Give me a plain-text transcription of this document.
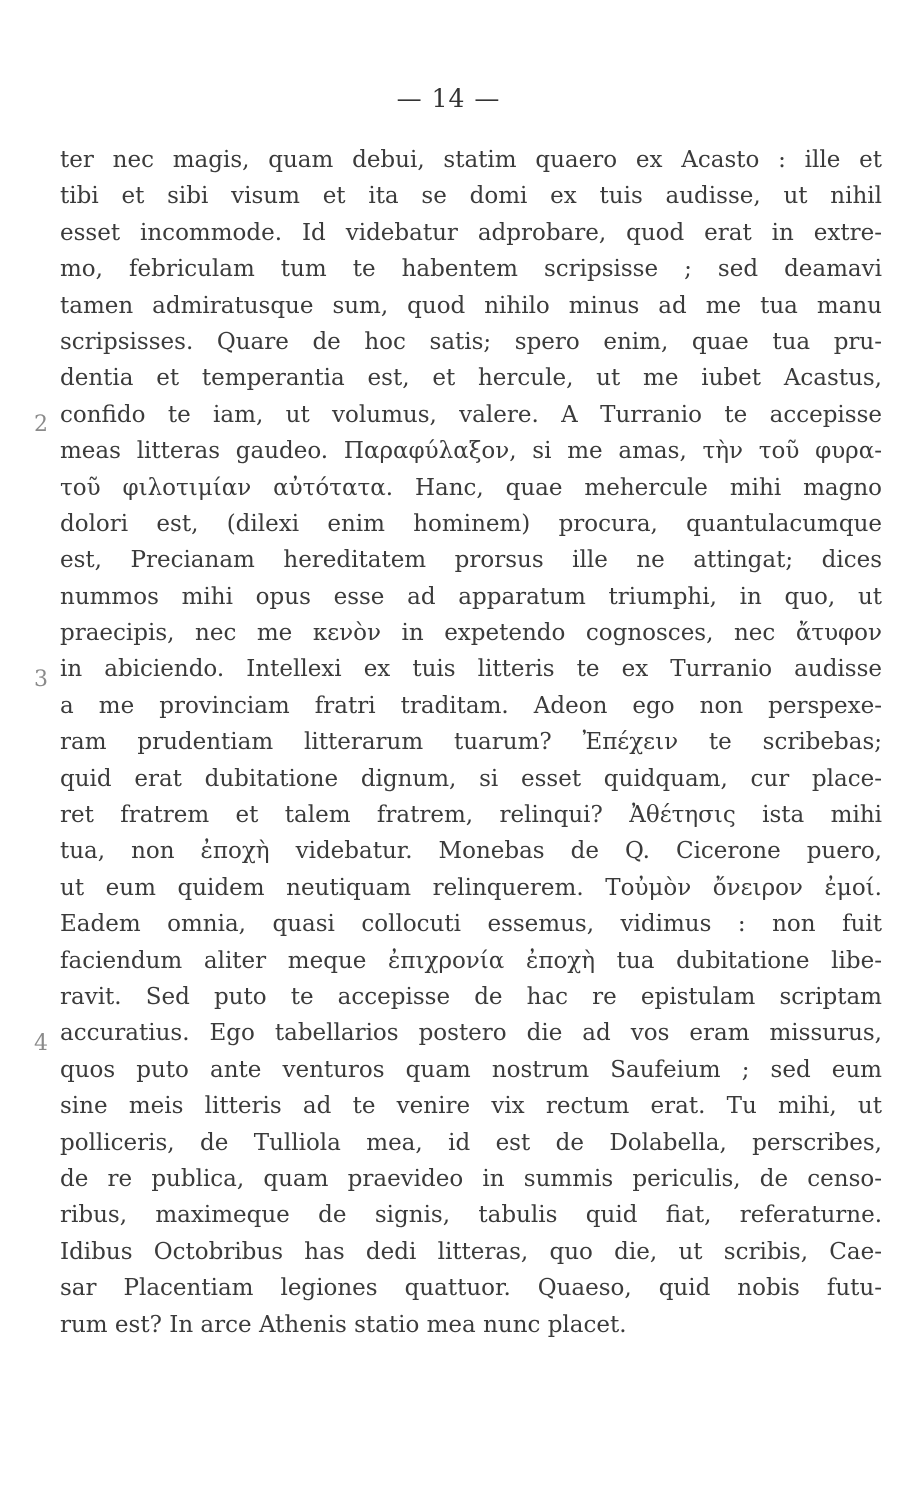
— 14 —
2
3
4
ter nec magis, quam debui, statim quaero ex Acasto : ille et
tibi et sibi visum et ita se domi ex tuis audisse, ut nihil
esset incommode. Id videbatur adprobare, quod erat in extre-
mo, febriculam tum te habentem scripsisse ; sed deamavi
tamen admiratusque sum, quod nihilo minus ad me tua manu
scripsisses. Quare de hoc satis; spero enim, quae tua pru-
dentia et temperantia est, et hercule, ut me iubet Acastus,
confido te iam, ut volumus, valere. A Turranio te accepisse
meas litteras gaudeo. Παραφύλαξον, si me amas, τὴν τοῦ φυρα-
τοῦ φιλοτιμίαν αὐτότατα. Hanc, quae mehercule mihi magno
dolori est, (dilexi enim hominem) procura, quantulacumque
est, Precianam hereditatem prorsus ille ne attingat; dices
nummos mihi opus esse ad apparatum triumphi, in quo, ut
praecipis, nec me κενὸν in expetendo cognosces, nec ἄτυφον
in abiciendo. Intellexi ex tuis litteris te ex Turranio audisse
a me provinciam fratri traditam. Adeon ego non perspexe-
ram prudentiam litterarum tuarum? Ἐπέχειν te scribebas;
quid erat dubitatione dignum, si esset quidquam, cur place-
ret fratrem et talem fratrem, relinqui? Ἀθέτησις ista mihi
tua, non ἐποχὴ videbatur. Monebas de Q. Cicerone puero,
ut eum quidem neutiquam relinquerem. Τοὐμὸν ὄνειρον ἐμοί.
Eadem omnia, quasi collocuti essemus, vidimus : non fuit
faciendum aliter meque ἐπιχρονία ἐποχὴ tua dubitatione libe-
ravit. Sed puto te accepisse de hac re epistulam scriptam
accuratius. Ego tabellarios postero die ad vos eram missurus,
quos puto ante venturos quam nostrum Saufeium ; sed eum
sine meis litteris ad te venire vix rectum erat. Tu mihi, ut
polliceris, de Tulliola mea, id est de Dolabella, perscribes,
de re publica, quam praevideo in summis periculis, de censo-
ribus, maximeque de signis, tabulis quid fiat, referaturne.
Idibus Octobribus has dedi litteras, quo die, ut scribis, Cae-
sar Placentiam legiones quattuor. Quaeso, quid nobis futu-
rum est? In arce Athenis statio mea nunc placet.
